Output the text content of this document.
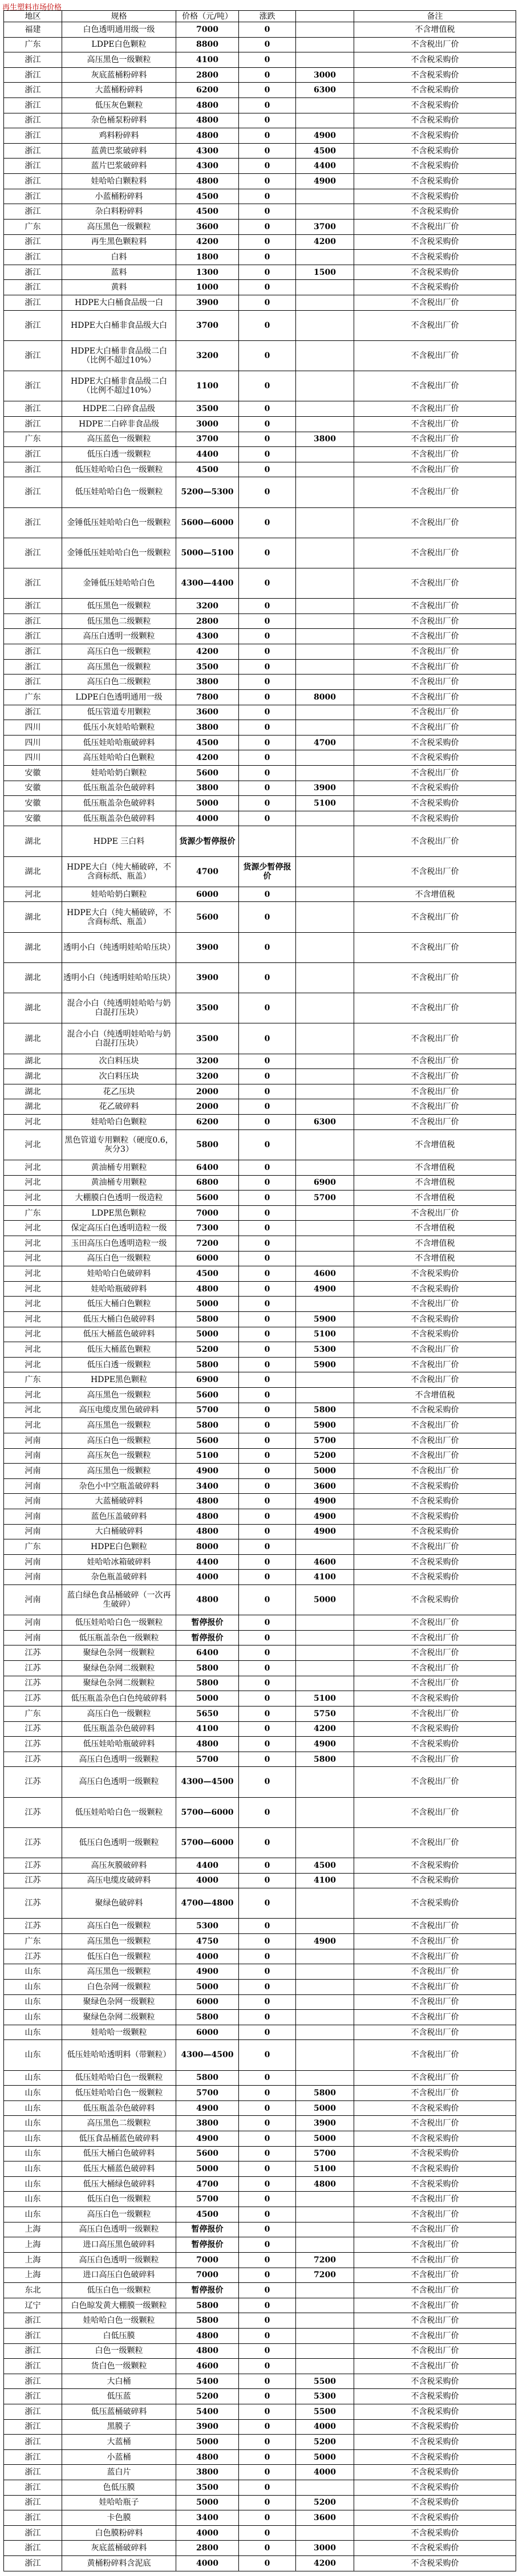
再生塑料市场价格
地区	规格	价格（元/吨）	涨跌		备注
福建	白色透明通用级一级	7000	0		不含增值税
广东	LDPE白色颗粒	8800	0		不含税出厂价
浙江	高压黑色一级颗粒	4100	0		不含税采购价
浙江	灰底蓝桶粉碎料	2800	0	3000	不含税采购价
浙江	大蓝桶粉碎料	6200	0	6300	不含税采购价
浙江	低压灰色颗粒	4800	0		不含税采购价
浙江	杂色桶泵粉碎料	4800	0		不含税采购价
浙江	鸡料粉碎料	4800	0	4900	不含税采购价
浙江	蓝黄巴浆破碎料	4300	0	4500	不含税采购价
浙江	蓝片巴浆破碎料	4300	0	4400	不含税采购价
浙江	娃哈哈白颗粒料	4800	0	4900	不含税采购价
浙江	小蓝桶粉碎料	4500	0		不含税采购价
浙江	杂白料粉碎料	4500	0		不含税采购价
广东	高压黑色一级颗粒	3600	0	3700	不含税出厂价
浙江	再生黑色颗粒料	4200	0	4200	不含税采购价
浙江	白料	1800	0		不含税采购价
浙江	蓝料	1300	0	1500	不含税采购价
浙江	黄料	1000	0		不含税采购价
浙江	HDPE大白桶食品级一白	3900	0		不含税出厂价
浙江	HDPE大白桶非食品级大白	3700	0		不含税出厂价
浙江	HDPE大白桶非食品级二白（比例不超过10%）	3200	0		不含税出厂价
浙江	HDPE大白桶非食品级二白（比例不超过10%）	1100	0		不含税出厂价
浙江	HDPE二白碎食品级	3500	0		不含税出厂价
浙江	HDPE二白碎非食品级	3000	0		不含税出厂价
广东	高压蓝色一级颗粒	3700	0	3800	不含税出厂价
浙江	低压白透一级颗粒	4400	0		不含税出厂价
浙江	低压娃哈哈白色一级颗粒	4500	0		不含税出厂价
浙江	低压娃哈哈白色一级颗粒	5200—5300	0		不含税出厂价
浙江	金锤低压娃哈哈白色一级颗粒	5600—6000	0		不含税出厂价
浙江	金锤低压娃哈哈白色一级颗粒	5000—5100	0		不含税出厂价
浙江	金锤低压娃哈哈白色	4300—4400	0		不含税出厂价
浙江	低压黑色一级颗粒	3200	0		不含税出厂价
浙江	低压黑色二级颗粒	2800	0		不含税出厂价
浙江	高压白透明一级颗粒	4300	0		不含税出厂价
浙江	高压白色一级颗粒	4200	0		不含税出厂价
浙江	高压黑色一级颗粒	3500	0		不含税出厂价
浙江	高压白色二级颗粒	3800	0		不含税出厂价
广东	LDPE白色透明通用一级	7800	0	8000	不含税出厂价
浙江	低压管道专用颗粒	3600	0		不含税出厂价
四川	低压小灰娃哈哈颗粒	3800	0		不含税出厂价
四川	低压娃哈哈瓶破碎料	4500	0	4700	不含税采购价
四川	高压娃哈哈白色颗粒	4200	0		不含税采购价
安徽	娃哈哈奶白颗粒	5600	0		不含税出厂价
安徽	低压瓶盖杂色破碎料	3800	0	3900	不含税采购价
安徽	低压瓶盖杂色破碎料	5000	0	5100	不含税采购价
安徽	低压瓶盖杂色破碎料	4000	0		不含税采购价
湖北	HDPE 三白料	货源少暂停报价			不含税出厂价
湖北	HDPE大白（纯大桶破碎，不含商标纸、瓶盖）	4700	货源少暂停报价		不含税出厂价
河北	娃哈哈奶白颗粒	6000	0		不含增值税
湖北	HDPE大白（纯大桶破碎，不含商标纸、瓶盖）	5600	0		不含税出厂价
湖北	透明小白（纯透明娃哈哈压块）	3900	0		不含税出厂价
湖北	透明小白（纯透明娃哈哈压块）	3900	0		不含税出厂价
湖北	混合小白（纯透明娃哈哈与奶白混打压块）	3500	0		不含税出厂价
湖北	混合小白（纯透明娃哈哈与奶白混打压块）	3500	0		不含税出厂价
湖北	次白料压块	3200	0		不含税出厂价
湖北	次白料压块	3200	0		不含税出厂价
湖北	花乙压块	2000	0		不含税出厂价
湖北	花乙破碎料	2000	0		不含税出厂价
河北	娃哈哈白色颗粒	6200	0	6300	不含税出厂价
河北	黑色管道专用颗粒（硬度0.6，灰分3）	5800	0		不含增值税
河北	黄油桶专用颗粒	6400	0		不含增值税
河北	黄油桶专用颗粒	6800	0	6900	不含增值税
河北	大棚膜白色透明一级造粒	5600	0	5700	不含增值税
广东	LDPE黑色颗粒	7000	0		不含税出厂价
河北	保定高压白色透明造粒一级	7300	0		不含增值税
河北	玉田高压白色透明造粒一级	7200	0		不含增值税
河北	高压白色一级颗粒	6000	0		不含增值税
河北	娃哈哈白色破碎料	4500	0	4600	不含税采购价
河北	娃哈哈瓶破碎料	4800	0	4900	不含税采购价
河北	低压大桶白色颗粒	5000	0		不含税出厂价
河北	低压大桶白色破碎料	5800	0	5900	不含税采购价
河北	低压大桶蓝色破碎料	5000	0	5100	不含税采购价
河北	低压大桶蓝色颗粒	5200	0	5300	不含税出厂价
河北	低压白透一级颗粒	5800	0	5900	不含税出厂价
广东	HDPE黑色颗粒	6900	0		不含税出厂价
河北	高压黑色一级颗粒	5600	0		不含增值税
河北	高压电缆皮黑色破碎料	5700	0	5800	不含税采购价
河北	高压黑色一级颗粒	5800	0	5900	不含税出厂价
河南	高压白色一级颗粒	5600	0	5700	不含税出厂价
河南	高压灰色一级颗粒	5100	0	5200	不含税出厂价
河南	高压黑色一级颗粒	4900	0	5000	不含税出厂价
河南	杂色小中空瓶盖破碎料	3400	0	3600	不含税采购价
河南	大蓝桶破碎料	4800	0	4900	不含税采购价
河南	蓝色压盖破碎料	4800	0	4900	不含税采购价
河南	大白桶破碎料	4800	0	4900	不含税采购价
广东	HDPE白色颗粒	8000	0		不含税出厂价
河南	娃哈哈冰箱破碎料	4400	0	4600	不含税采购价
河南	杂色瓶盖破碎料	4000	0	4100	不含税采购价
河南	蓝白绿色食品桶破碎（一次再生破碎）	4800	0	5000	不含税采购价
河南	低压娃哈哈白色一级颗粒	暂停报价	0		不含税出厂价
河南	低压瓶盖杂色一级颗粒	暂停报价	0		不含税出厂价
江苏	聚绿色杂网一级颗粒	6400	0		不含税出厂价
江苏	聚绿色杂网二级颗粒	5800	0		不含税出厂价
江苏	聚绿色杂网二级颗粒	5800	0		不含税出厂价
江苏	低压瓶盖杂色白色纯破碎料	5000	0	5100	不含税采购价
广东	高压白色一级颗粒	5650	0	5750	不含税出厂价
江苏	低压瓶盖杂色破碎料	4100	0	4200	不含税采购价
江苏	低压娃哈哈瓶破碎料	4800	0	4900	不含税采购价
江苏	高压白色透明一级颗粒	5700	0	5800	不含税出厂价
江苏	高压白色透明一级颗粒	4300—4500	0		不含税出厂价
江苏	低压娃哈哈白色一级颗粒	5700—6000	0		不含税出厂价
江苏	低压白色透明一级颗粒	5700—6000	0		不含税出厂价
江苏	高压灰膜破碎料	4400	0	4500	不含税采购价
江苏	高压电缆皮破碎料	4000	0	4100	不含税采购价
江苏	聚绿色破碎料	4700—4800	0		不含税采购价
江苏	高压白色一级颗粒	5300	0		不含税出厂价
广东	高压黑色一级颗粒	4750	0	4900	不含税出厂价
江苏	低压白色一级颗粒	4000	0		不含税出厂价
山东	高压黑色一级颗粒	4900	0		不含税出厂价
山东	白色杂网一级颗粒	5000	0		不含税出厂价
山东	聚绿色杂网一级颗粒	6000	0		不含税出厂价
山东	聚绿色杂网二级颗粒	5800	0		不含税出厂价
山东	娃哈哈一级颗粒	6000	0		不含税出厂价
山东	低压娃哈哈透明料（带颗粒）	4300—4500	0		不含税出厂价
山东	低压娃哈哈白色一级颗粒	5800	0		不含税出厂价
山东	低压娃哈哈白色一级颗粒	5700	0	5800	不含税出厂价
山东	低压瓶盖杂色破碎料	4900	0	5000	不含税采购价
山东	高压黑色二级颗粒	3800	0	3900	不含税出厂价
山东	低压食品桶蓝色破碎料	4900	0	5000	不含税采购价
山东	低压大桶白色破碎料	5600	0	5700	不含税采购价
山东	低压大桶蓝色破碎料	5000	0	5100	不含税采购价
山东	低压大桶绿色破碎料	4700	0	4800	不含税采购价
山东	低压白色一级颗粒	5700	0		不含税出厂价
山东	高压白色一级颗粒	4500	0		不含税出厂价
上海	高压白色透明一级颗粒	暂停报价	0		不含税出厂价
上海	进口高压黑色破碎料	暂停报价	0		不含税出厂价
上海	高压白色透明一级颗粒	7000	0	7200	不含税出厂价
上海	进口高压白色破碎料	7000	0	7200	不含税出厂价
东北	低压白色一级颗粒	暂停报价	0		不含税出厂价
辽宁	白色晾发黄大棚膜一级颗粒	5800	0		不含税出厂价
浙江	娃哈哈白色一级颗粒	5800	0		不含税出厂价
浙江	白低压膜	4800	0		不含税出厂价
浙江	白色一级颗粒	4800	0		不含税出厂价
浙江	货白色一级颗粒	4600	0		不含税出厂价
浙江	大白桶	5400	0	5500	不含税采购价
浙江	低压蓝	5200	0	5300	不含税采购价
浙江	低压蓝桶破碎料	5400	0	5500	不含税采购价
浙江	黑膜子	3900	0	4000	不含税采购价
浙江	大蓝桶	5000	0	5200	不含税采购价
浙江	小蓝桶	4800	0	5000	不含税采购价
浙江	蓝白片	3800	0	4000	不含税采购价
浙江	色低压膜	3500	0		不含税采购价
浙江	娃哈哈瓶子	5000	0	5200	不含税采购价
浙江	卡色膜	3400	0	3600	不含税采购价
浙江	白色膜粉碎料	4000	0		不含税采购价
浙江	灰底蓝桶破碎料	2800	0	3000	不含税采购价
浙江	黄桶粉碎料含泥底	4000	0	4200	不含税采购价
